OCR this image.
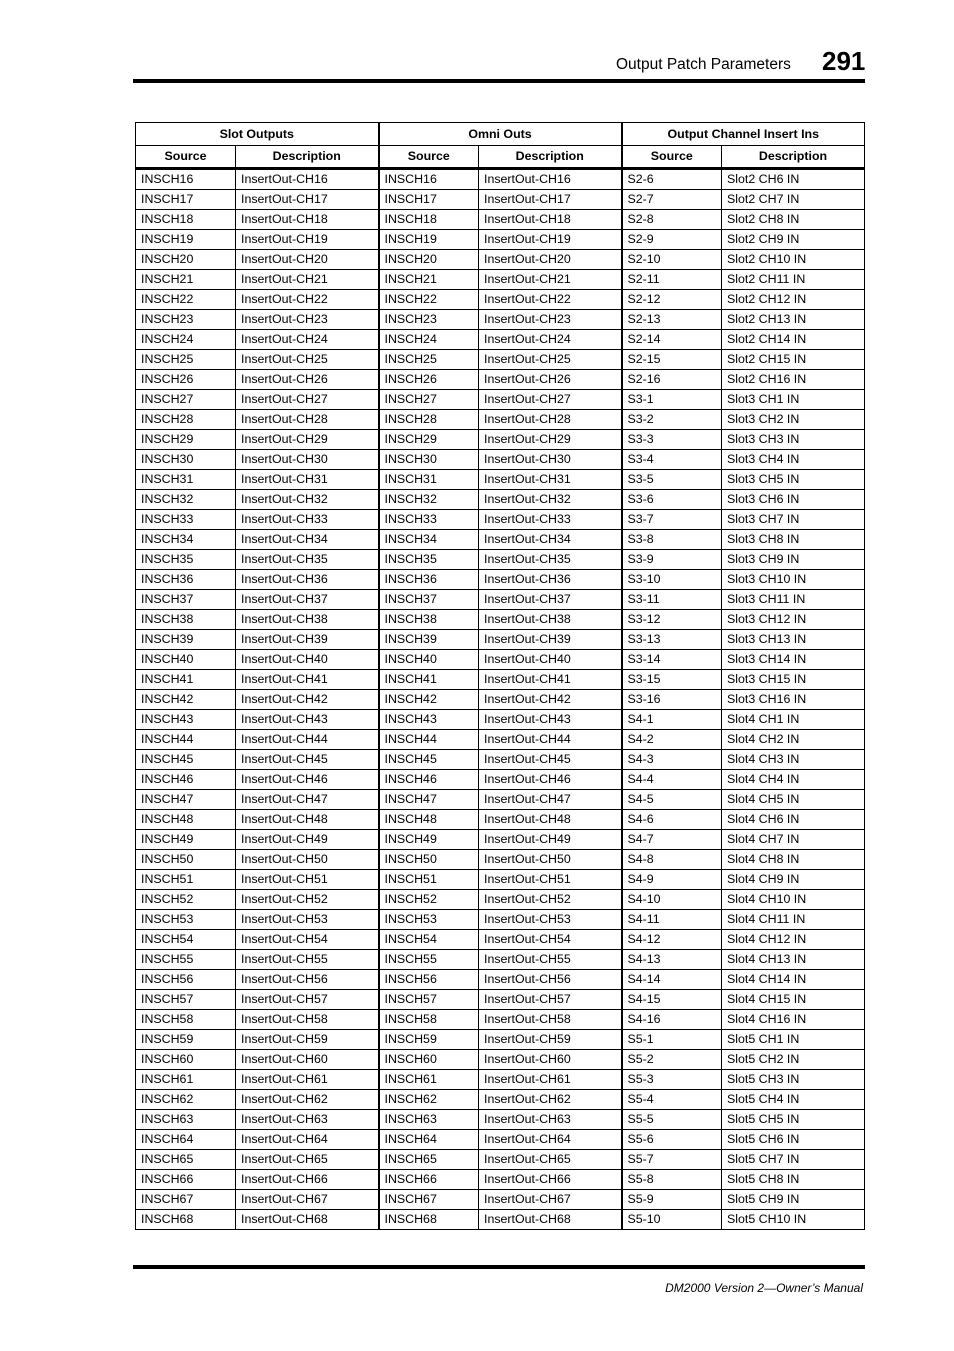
Output Patch Parameters 291
Slot Outputs		Omni Outs		Output Channel Insert Ins	
Source	Description	Source	Description	Source	Description
INSCH16	InsertOut-CH16	INSCH16	InsertOut-CH16	S2-6	Slot2 CH6 IN
INSCH17	InsertOut-CH17	INSCH17	InsertOut-CH17	S2-7	Slot2 CH7 IN
INSCH18	InsertOut-CH18	INSCH18	InsertOut-CH18	S2-8	Slot2 CH8 IN
INSCH19	InsertOut-CH19	INSCH19	InsertOut-CH19	S2-9	Slot2 CH9 IN
INSCH20	InsertOut-CH20	INSCH20	InsertOut-CH20	S2-10	Slot2 CH10 IN
INSCH21	InsertOut-CH21	INSCH21	InsertOut-CH21	S2-11	Slot2 CH11 IN
INSCH22	InsertOut-CH22	INSCH22	InsertOut-CH22	S2-12	Slot2 CH12 IN
INSCH23	InsertOut-CH23	INSCH23	InsertOut-CH23	S2-13	Slot2 CH13 IN
INSCH24	InsertOut-CH24	INSCH24	InsertOut-CH24	S2-14	Slot2 CH14 IN
INSCH25	InsertOut-CH25	INSCH25	InsertOut-CH25	S2-15	Slot2 CH15 IN
INSCH26	InsertOut-CH26	INSCH26	InsertOut-CH26	S2-16	Slot2 CH16 IN
INSCH27	InsertOut-CH27	INSCH27	InsertOut-CH27	S3-1	Slot3 CH1 IN
INSCH28	InsertOut-CH28	INSCH28	InsertOut-CH28	S3-2	Slot3 CH2 IN
INSCH29	InsertOut-CH29	INSCH29	InsertOut-CH29	S3-3	Slot3 CH3 IN
INSCH30	InsertOut-CH30	INSCH30	InsertOut-CH30	S3-4	Slot3 CH4 IN
INSCH31	InsertOut-CH31	INSCH31	InsertOut-CH31	S3-5	Slot3 CH5 IN
INSCH32	InsertOut-CH32	INSCH32	InsertOut-CH32	S3-6	Slot3 CH6 IN
INSCH33	InsertOut-CH33	INSCH33	InsertOut-CH33	S3-7	Slot3 CH7 IN
INSCH34	InsertOut-CH34	INSCH34	InsertOut-CH34	S3-8	Slot3 CH8 IN
INSCH35	InsertOut-CH35	INSCH35	InsertOut-CH35	S3-9	Slot3 CH9 IN
INSCH36	InsertOut-CH36	INSCH36	InsertOut-CH36	S3-10	Slot3 CH10 IN
INSCH37	InsertOut-CH37	INSCH37	InsertOut-CH37	S3-11	Slot3 CH11 IN
INSCH38	InsertOut-CH38	INSCH38	InsertOut-CH38	S3-12	Slot3 CH12 IN
INSCH39	InsertOut-CH39	INSCH39	InsertOut-CH39	S3-13	Slot3 CH13 IN
INSCH40	InsertOut-CH40	INSCH40	InsertOut-CH40	S3-14	Slot3 CH14 IN
INSCH41	InsertOut-CH41	INSCH41	InsertOut-CH41	S3-15	Slot3 CH15 IN
INSCH42	InsertOut-CH42	INSCH42	InsertOut-CH42	S3-16	Slot3 CH16 IN
INSCH43	InsertOut-CH43	INSCH43	InsertOut-CH43	S4-1	Slot4 CH1 IN
INSCH44	InsertOut-CH44	INSCH44	InsertOut-CH44	S4-2	Slot4 CH2 IN
INSCH45	InsertOut-CH45	INSCH45	InsertOut-CH45	S4-3	Slot4 CH3 IN
INSCH46	InsertOut-CH46	INSCH46	InsertOut-CH46	S4-4	Slot4 CH4 IN
INSCH47	InsertOut-CH47	INSCH47	InsertOut-CH47	S4-5	Slot4 CH5 IN
INSCH48	InsertOut-CH48	INSCH48	InsertOut-CH48	S4-6	Slot4 CH6 IN
INSCH49	InsertOut-CH49	INSCH49	InsertOut-CH49	S4-7	Slot4 CH7 IN
INSCH50	InsertOut-CH50	INSCH50	InsertOut-CH50	S4-8	Slot4 CH8 IN
INSCH51	InsertOut-CH51	INSCH51	InsertOut-CH51	S4-9	Slot4 CH9 IN
INSCH52	InsertOut-CH52	INSCH52	InsertOut-CH52	S4-10	Slot4 CH10 IN
INSCH53	InsertOut-CH53	INSCH53	InsertOut-CH53	S4-11	Slot4 CH11 IN
INSCH54	InsertOut-CH54	INSCH54	InsertOut-CH54	S4-12	Slot4 CH12 IN
INSCH55	InsertOut-CH55	INSCH55	InsertOut-CH55	S4-13	Slot4 CH13 IN
INSCH56	InsertOut-CH56	INSCH56	InsertOut-CH56	S4-14	Slot4 CH14 IN
INSCH57	InsertOut-CH57	INSCH57	InsertOut-CH57	S4-15	Slot4 CH15 IN
INSCH58	InsertOut-CH58	INSCH58	InsertOut-CH58	S4-16	Slot4 CH16 IN
INSCH59	InsertOut-CH59	INSCH59	InsertOut-CH59	S5-1	Slot5 CH1 IN
INSCH60	InsertOut-CH60	INSCH60	InsertOut-CH60	S5-2	Slot5 CH2 IN
INSCH61	InsertOut-CH61	INSCH61	InsertOut-CH61	S5-3	Slot5 CH3 IN
INSCH62	InsertOut-CH62	INSCH62	InsertOut-CH62	S5-4	Slot5 CH4 IN
INSCH63	InsertOut-CH63	INSCH63	InsertOut-CH63	S5-5	Slot5 CH5 IN
INSCH64	InsertOut-CH64	INSCH64	InsertOut-CH64	S5-6	Slot5 CH6 IN
INSCH65	InsertOut-CH65	INSCH65	InsertOut-CH65	S5-7	Slot5 CH7 IN
INSCH66	InsertOut-CH66	INSCH66	InsertOut-CH66	S5-8	Slot5 CH8 IN
INSCH67	InsertOut-CH67	INSCH67	InsertOut-CH67	S5-9	Slot5 CH9 IN
INSCH68	InsertOut-CH68	INSCH68	InsertOut-CH68	S5-10	Slot5 CH10 IN
DM2000 Version 2—Owner’s Manual
